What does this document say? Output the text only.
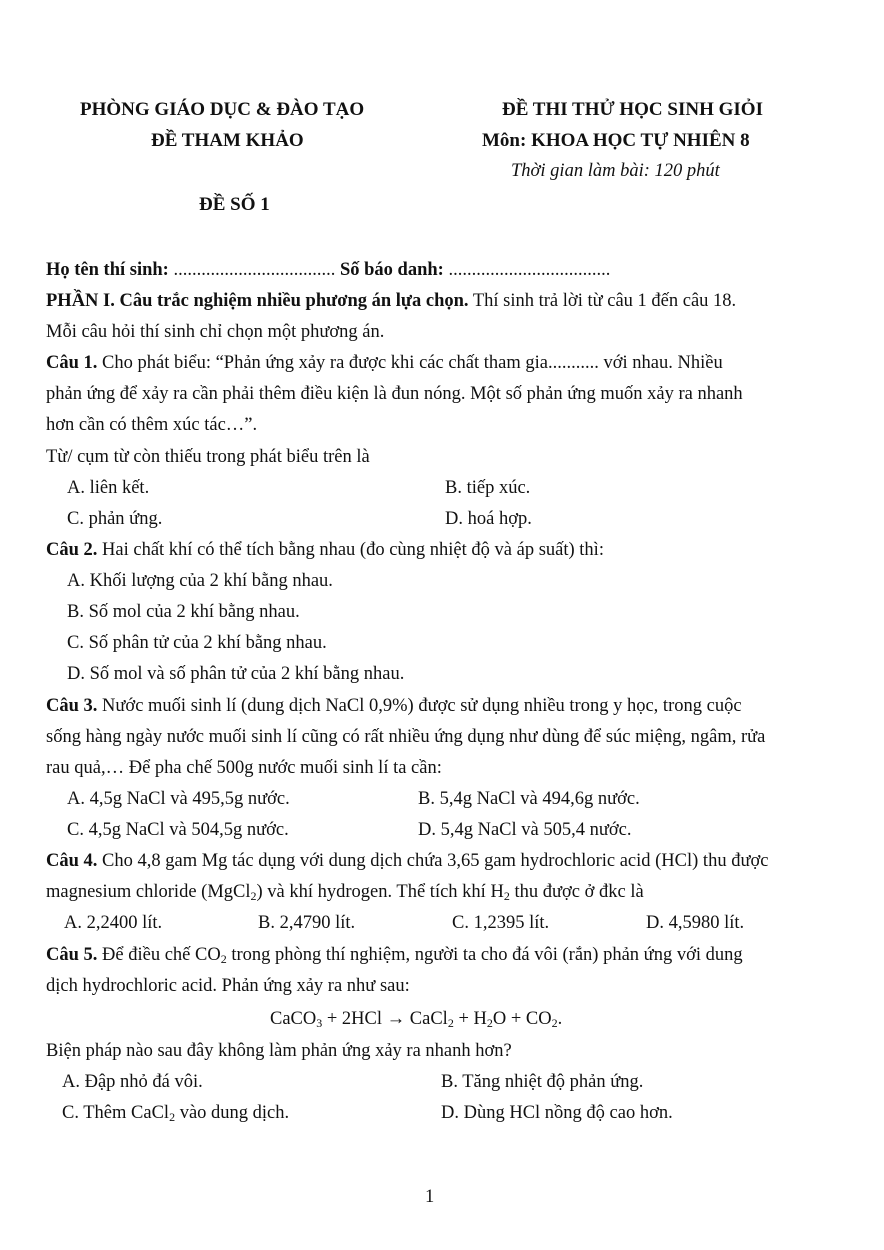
PHÒNG GIÁO DỤC & ĐÀO TẠO
ĐỀ THAM KHẢO
ĐỀ THI THỬ HỌC SINH GIỎI
Môn: KHOA HỌC TỰ NHIÊN 8
Thời gian làm bài: 120 phút
ĐỀ SỐ 1
Họ tên thí sinh: ................................... Số báo danh: ...................................
PHẦN I. Câu trắc nghiệm nhiều phương án lựa chọn. Thí sinh trả lời từ câu 1 đến câu 18.
Mỗi câu hỏi thí sinh chỉ chọn một phương án.
Câu 1. Cho phát biểu: “Phản ứng xảy ra được khi các chất tham gia........... với nhau. Nhiều
phản ứng để xảy ra cần phải thêm điều kiện là đun nóng. Một số phản ứng muốn xảy ra nhanh
hơn cần có thêm xúc tác…”.
Từ/ cụm từ còn thiếu trong phát biểu trên là
A. liên kết.	B. tiếp xúc.
C. phản ứng.	D. hoá hợp.
Câu 2. Hai chất khí có thể tích bằng nhau (đo cùng nhiệt độ và áp suất) thì:
A. Khối lượng của 2 khí bằng nhau.
B. Số mol của 2 khí bằng nhau.
C. Số phân tử của 2 khí bằng nhau.
D. Số mol và số phân tử của 2 khí bằng nhau.
Câu 3. Nước muối sinh lí (dung dịch NaCl 0,9%) được sử dụng nhiều trong y học, trong cuộc
sống hàng ngày nước muối sinh lí cũng có rất nhiều ứng dụng như dùng để súc miệng, ngâm, rửa
rau quả,… Để pha chế 500g nước muối sinh lí ta cần:
A. 4,5g NaCl và 495,5g nước.	B. 5,4g NaCl và 494,6g nước.
C. 4,5g NaCl và 504,5g nước.	D. 5,4g NaCl và 505,4 nước.
Câu 4. Cho 4,8 gam Mg tác dụng với dung dịch chứa 3,65 gam hydrochloric acid (HCl) thu được
magnesium chloride (MgCl$_2$) và khí hydrogen. Thể tích khí $H_2$ thu được ở đkc là
A. 2,2400 lít.	B. 2,4790 lít.	C. 1,2395 lít.	D. 4,5980 lít.
Câu 5. Để điều chế $CO_2$ trong phòng thí nghiệm, người ta cho đá vôi (rắn) phản ứng với dung
dịch hydrochloric acid. Phản ứng xảy ra như sau:
CaCO$_3$ + 2HCl → CaCl$_2$ + $H_2O + CO_2$.
Biện pháp nào sau đây không làm phản ứng xảy ra nhanh hơn?
A. Đập nhỏ đá vôi.	B. Tăng nhiệt độ phản ứng.
C. Thêm CaCl$_2$ vào dung dịch.	D. Dùng HCl nồng độ cao hơn.
1
